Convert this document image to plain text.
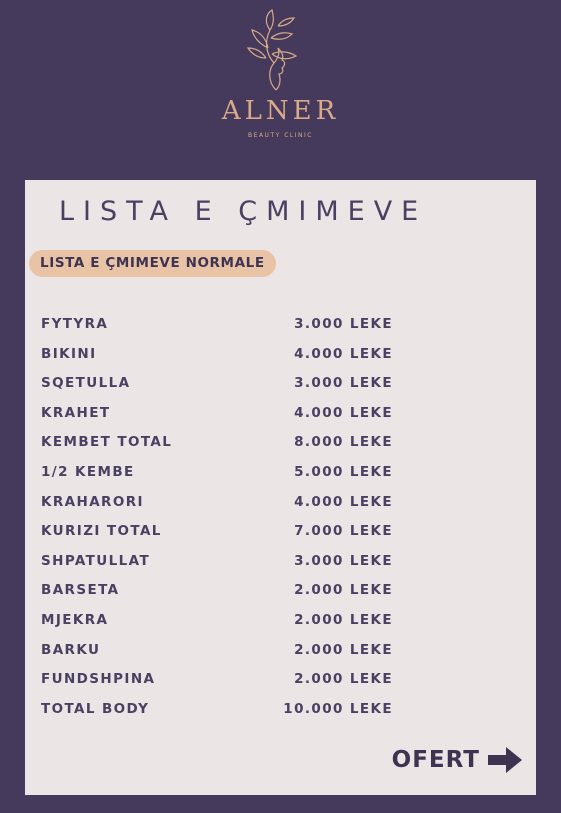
ALNER
BEAUTY CLINIC
LISTA E ÇMIMEVE
LISTA E ÇMIMEVE NORMALE
FYTYRA	3.000 LEKE
BIKINI	4.000 LEKE
SQETULLA	3.000 LEKE
KRAHET	4.000 LEKE
KEMBET TOTAL	8.000 LEKE
1/2 KEMBE	5.000 LEKE
KRAHARORI	4.000 LEKE
KURIZI TOTAL	7.000 LEKE
SHPATULLAT	3.000 LEKE
BARSETA	2.000 LEKE
MJEKRA	2.000 LEKE
BARKU	2.000 LEKE
FUNDSHPINA	2.000 LEKE
TOTAL BODY	10.000 LEKE
OFERT
